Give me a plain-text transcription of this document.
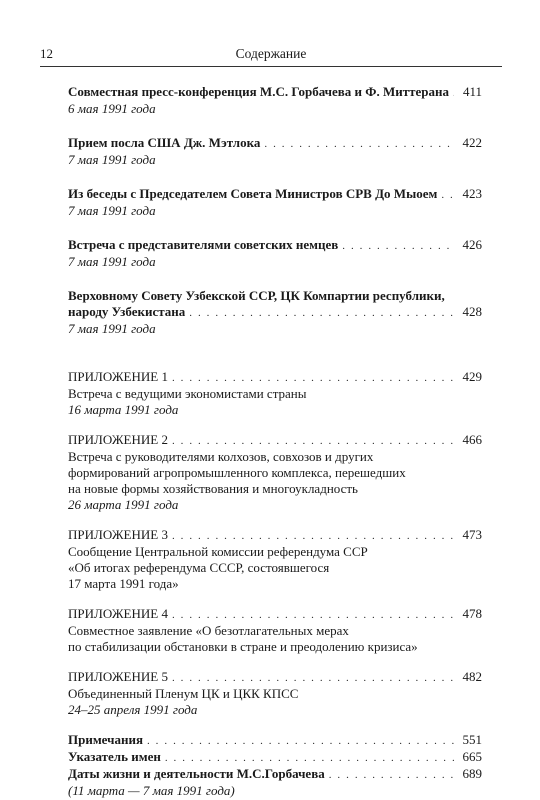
12	Содержание
Совместная пресс-конференция М.С. Горбачева и Ф. Миттерана . . .	411
6 мая 1991 года
Прием посла США Дж. Мэтлока . . .	422
7 мая 1991 года
Из беседы с Председателем Совета Министров СРВ До Мыоем . . .	423
7 мая 1991 года
Встреча с представителями советских немцев . . .	426
7 мая 1991 года
Верховному Совету Узбекской ССР, ЦК Компартии республики,
народу Узбекистана . . .	428
7 мая 1991 года
ПРИЛОЖЕНИЕ 1 . . .	429
Встреча с ведущими экономистами страны
16 марта 1991 года
ПРИЛОЖЕНИЕ 2 . . .	466
Встреча с руководителями колхозов, совхозов и других
формирований агропромышленного комплекса, перешедших
на новые формы хозяйствования и многоукладность
26 марта 1991 года
ПРИЛОЖЕНИЕ 3 . . .	473
Сообщение Центральной комиссии референдума ССР
«Об итогах референдума СССР, состоявшегося
17 марта 1991 года»
ПРИЛОЖЕНИЕ 4 . . .	478
Совместное заявление «О безотлагательных мерах
по стабилизации обстановки в стране и преодолению кризиса»
ПРИЛОЖЕНИЕ 5 . . .	482
Объединенный Пленум ЦК и ЦКК КПСС
24–25 апреля 1991 года
Примечания . . .	551
Указатель имен . . .	665
Даты жизни и деятельности М.С.Горбачева . . .	689
(11 марта — 7 мая 1991 года)
